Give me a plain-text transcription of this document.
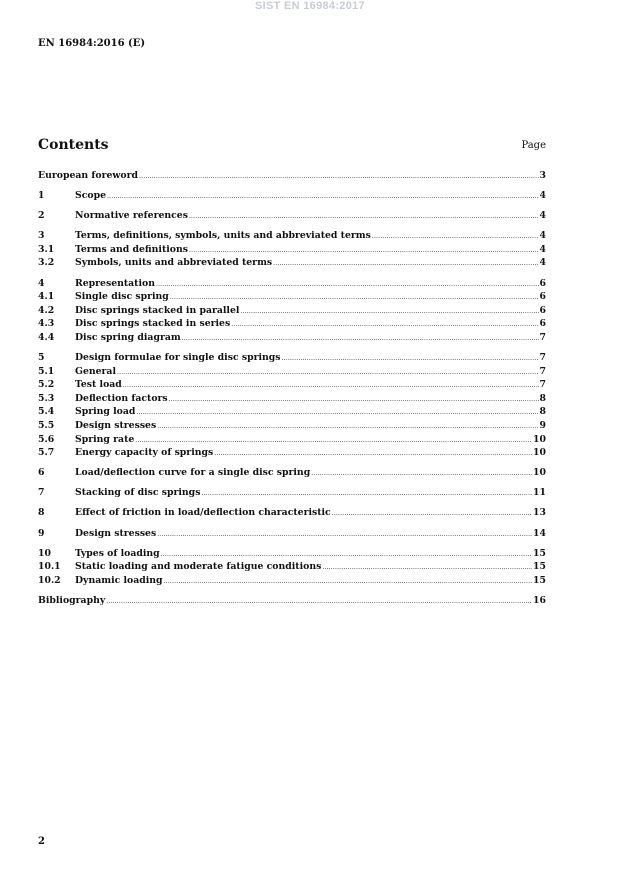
SIST EN 16984:2017
EN 16984:2016 (E)
Contents	Page
European foreword .....	3
1	Scope .....	4
2	Normative references .....	4
3	Terms, definitions, symbols, units and abbreviated terms .....	4
3.1	Terms and definitions .....	4
3.2	Symbols, units and abbreviated terms .....	4
4	Representation .....	6
4.1	Single disc spring .....	6
4.2	Disc springs stacked in parallel .....	6
4.3	Disc springs stacked in series .....	6
4.4	Disc spring diagram .....	7
5	Design formulae for single disc springs .....	7
5.1	General .....	7
5.2	Test load .....	7
5.3	Deflection factors .....	8
5.4	Spring load .....	8
5.5	Design stresses .....	9
5.6	Spring rate .....	10
5.7	Energy capacity of springs .....	10
6	Load/deflection curve for a single disc spring .....	10
7	Stacking of disc springs .....	11
8	Effect of friction in load/deflection characteristic .....	13
9	Design stresses .....	14
10	Types of loading .....	15
10.1	Static loading and moderate fatigue conditions .....	15
10.2	Dynamic loading .....	15
Bibliography .....	16
2
